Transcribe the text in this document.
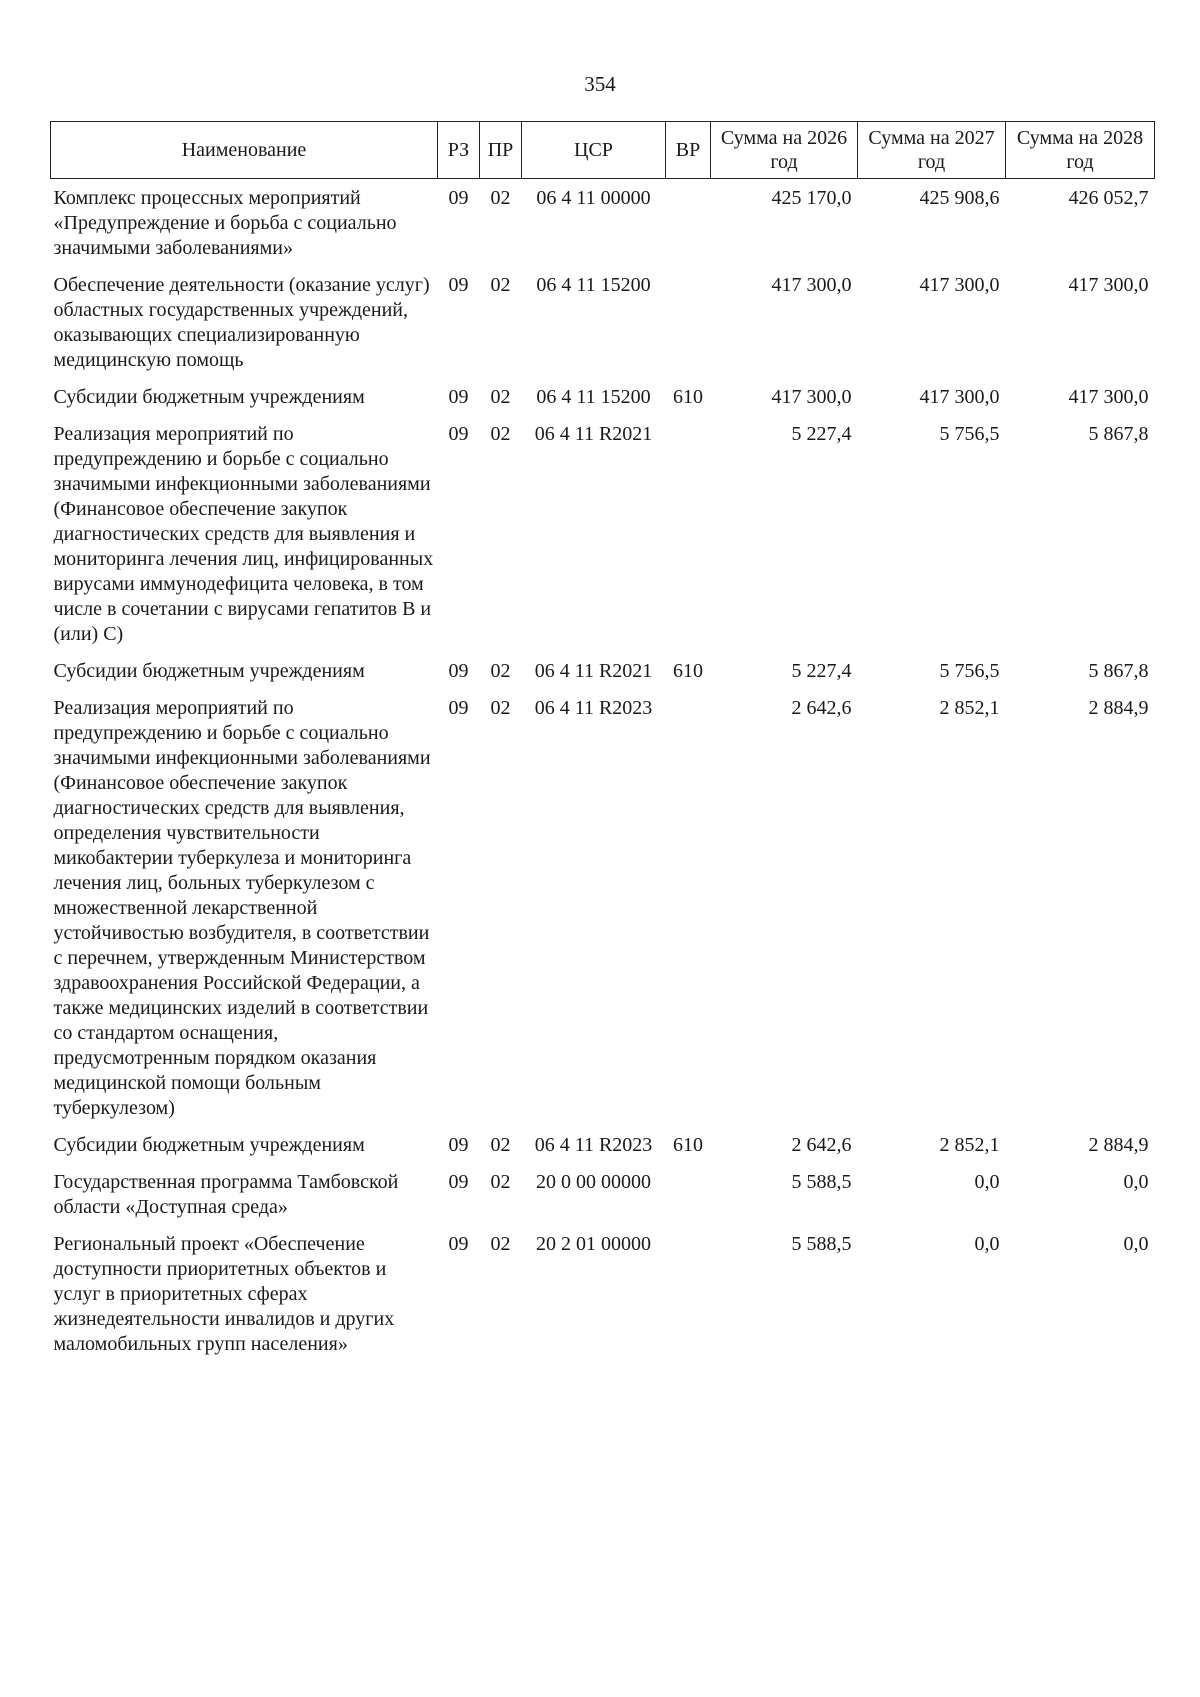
354
Наименование	РЗ	ПР	ЦСР	ВР	Сумма на 2026 год	Сумма на 2027 год	Сумма на 2028 год
Комплекс процессных мероприятий «Предупреждение и борьба с социально значимыми заболеваниями»	09	02	06 4 11 00000		425 170,0	425 908,6	426 052,7
Обеспечение деятельности (оказание услуг) областных государственных учреждений, оказывающих специализированную медицинскую помощь	09	02	06 4 11 15200		417 300,0	417 300,0	417 300,0
Субсидии бюджетным учреждениям	09	02	06 4 11 15200	610	417 300,0	417 300,0	417 300,0
Реализация мероприятий по предупреждению и борьбе с социально значимыми инфекционными заболеваниями (Финансовое обеспечение закупок диагностических средств для выявления и мониторинга лечения лиц, инфицированных вирусами иммунодефицита человека, в том числе в сочетании с вирусами гепатитов В и (или) С)	09	02	06 4 11 R2021		5 227,4	5 756,5	5 867,8
Субсидии бюджетным учреждениям	09	02	06 4 11 R2021	610	5 227,4	5 756,5	5 867,8
Реализация мероприятий по предупреждению и борьбе с социально значимыми инфекционными заболеваниями (Финансовое обеспечение закупок диагностических средств для выявления, определения чувствительности микобактерии туберкулеза и мониторинга лечения лиц, больных туберкулезом с множественной лекарственной устойчивостью возбудителя, в соответствии с перечнем, утвержденным Министерством здравоохранения Российской Федерации, а также медицинских изделий в соответствии со стандартом оснащения, предусмотренным порядком оказания медицинской помощи больным туберкулезом)	09	02	06 4 11 R2023		2 642,6	2 852,1	2 884,9
Субсидии бюджетным учреждениям	09	02	06 4 11 R2023	610	2 642,6	2 852,1	2 884,9
Государственная программа Тамбовской области «Доступная среда»	09	02	20 0 00 00000		5 588,5	0,0	0,0
Региональный проект «Обеспечение доступности приоритетных объектов и услуг в приоритетных сферах жизнедеятельности инвалидов и других маломобильных групп населения»	09	02	20 2 01 00000		5 588,5	0,0	0,0
